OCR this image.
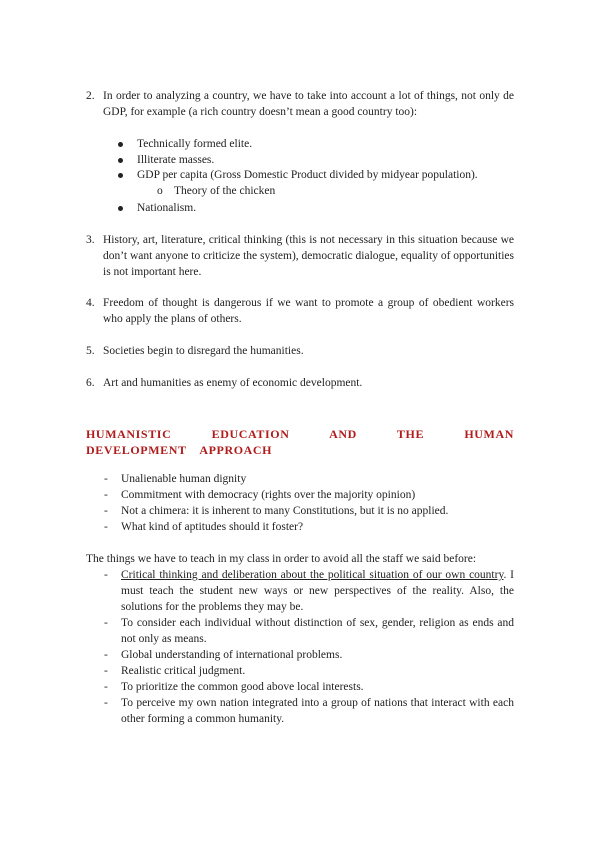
2. In order to analyzing a country, we have to take into account a lot of things, not only de GDP, for example (a rich country doesn’t mean a good country too):
Technically formed elite.
Illiterate masses.
GDP per capita (Gross Domestic Product divided by midyear population).
o Theory of the chicken
Nationalism.
3. History, art, literature, critical thinking (this is not necessary in this situation because we don’t want anyone to criticize the system), democratic dialogue, equality of opportunities is not important here.
4. Freedom of thought is dangerous if we want to promote a group of obedient workers who apply the plans of others.
5. Societies begin to disregard the humanities.
6. Art and humanities as enemy of economic development.
HUMANISTIC EDUCATION AND THE HUMAN DEVELOPMENT APPROACH
- Unalienable human dignity
- Commitment with democracy (rights over the majority opinion)
- Not a chimera: it is inherent to many Constitutions, but it is no applied.
- What kind of aptitudes should it foster?
The things we have to teach in my class in order to avoid all the staff we said before:
- Critical thinking and deliberation about the political situation of our own country. I must teach the student new ways or new perspectives of the reality. Also, the solutions for the problems they may be.
- To consider each individual without distinction of sex, gender, religion as ends and not only as means.
- Global understanding of international problems.
- Realistic critical judgment.
- To prioritize the common good above local interests.
- To perceive my own nation integrated into a group of nations that interact with each other forming a common humanity.
